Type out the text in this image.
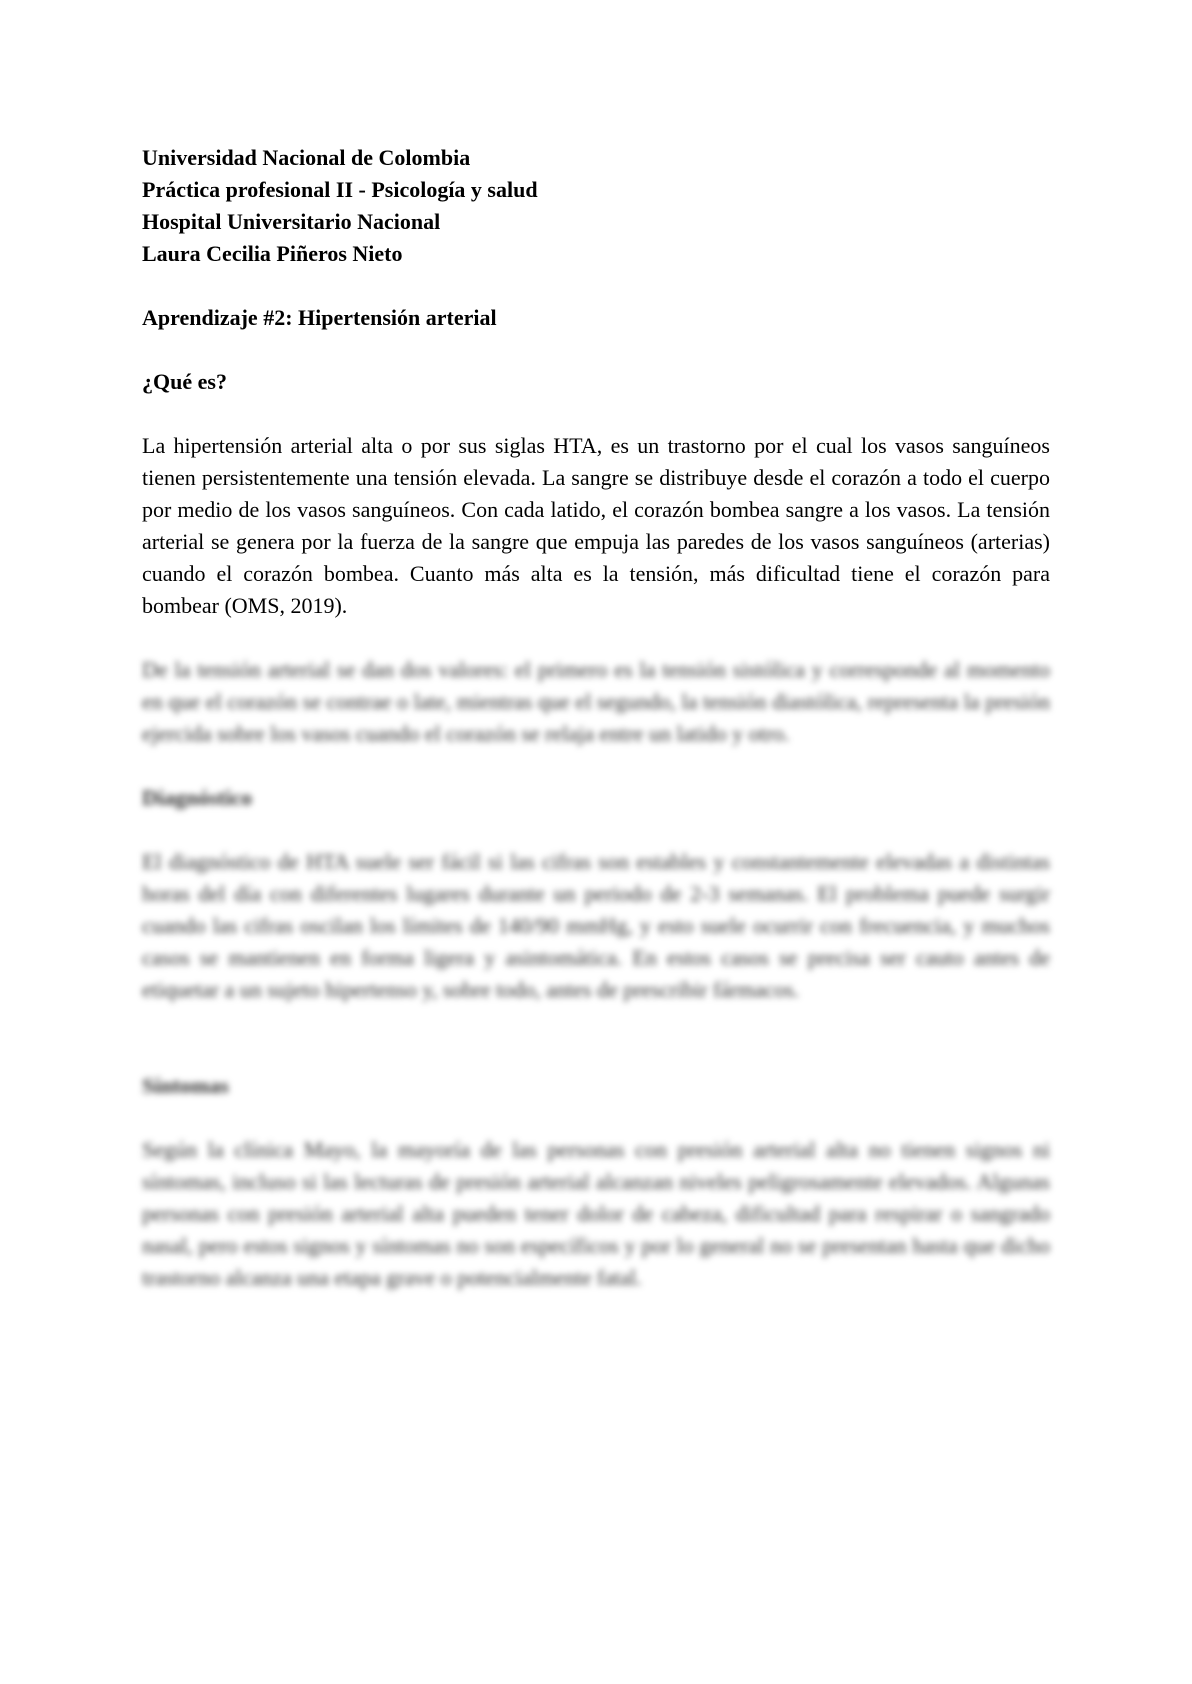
Universidad Nacional de Colombia

Práctica profesional II - Psicología y salud

Hospital Universitario Nacional

Laura Cecilia Piñeros Nieto

Aprendizaje #2: Hipertensión arterial

¿Qué es?

La hipertensión arterial alta o por sus siglas HTA, es un trastorno por el cual los vasos sanguíneos tienen persistentemente una tensión elevada. La sangre se distribuye desde el corazón a todo el cuerpo por medio de los vasos sanguíneos. Con cada latido, el corazón bombea sangre a los vasos. La tensión arterial se genera por la fuerza de la sangre que empuja las paredes de los vasos sanguíneos (arterias) cuando el corazón bombea. Cuanto más alta es la tensión, más dificultad tiene el corazón para bombear (OMS, 2019).

De la tensión arterial se dan dos valores: el primero es la tensión sistólica y corresponde al momento en que el corazón se contrae o late, mientras que el segundo, la tensión diastólica, representa la presión ejercida sobre los vasos cuando el corazón se relaja entre un latido y otro.

Diagnóstico

El diagnóstico de HTA suele ser fácil si las cifras son estables y constantemente elevadas a distintas horas del día con diferentes lugares durante un periodo de 2-3 semanas. El problema puede surgir cuando las cifras oscilan los límites de 140/90 mmHg, y esto suele ocurrir con frecuencia, y muchos casos se mantienen en forma ligera y asintomática. En estos casos se precisa ser cauto antes de etiquetar a un sujeto hipertenso y, sobre todo, antes de prescribir fármacos.

Síntomas

Según la clínica Mayo, la mayoría de las personas con presión arterial alta no tienen signos ni síntomas, incluso si las lecturas de presión arterial alcanzan niveles peligrosamente elevados. Algunas personas con presión arterial alta pueden tener dolor de cabeza, dificultad para respirar o sangrado nasal, pero estos signos y síntomas no son específicos y por lo general no se presentan hasta que dicho trastorno alcanza una etapa grave o potencialmente fatal.
